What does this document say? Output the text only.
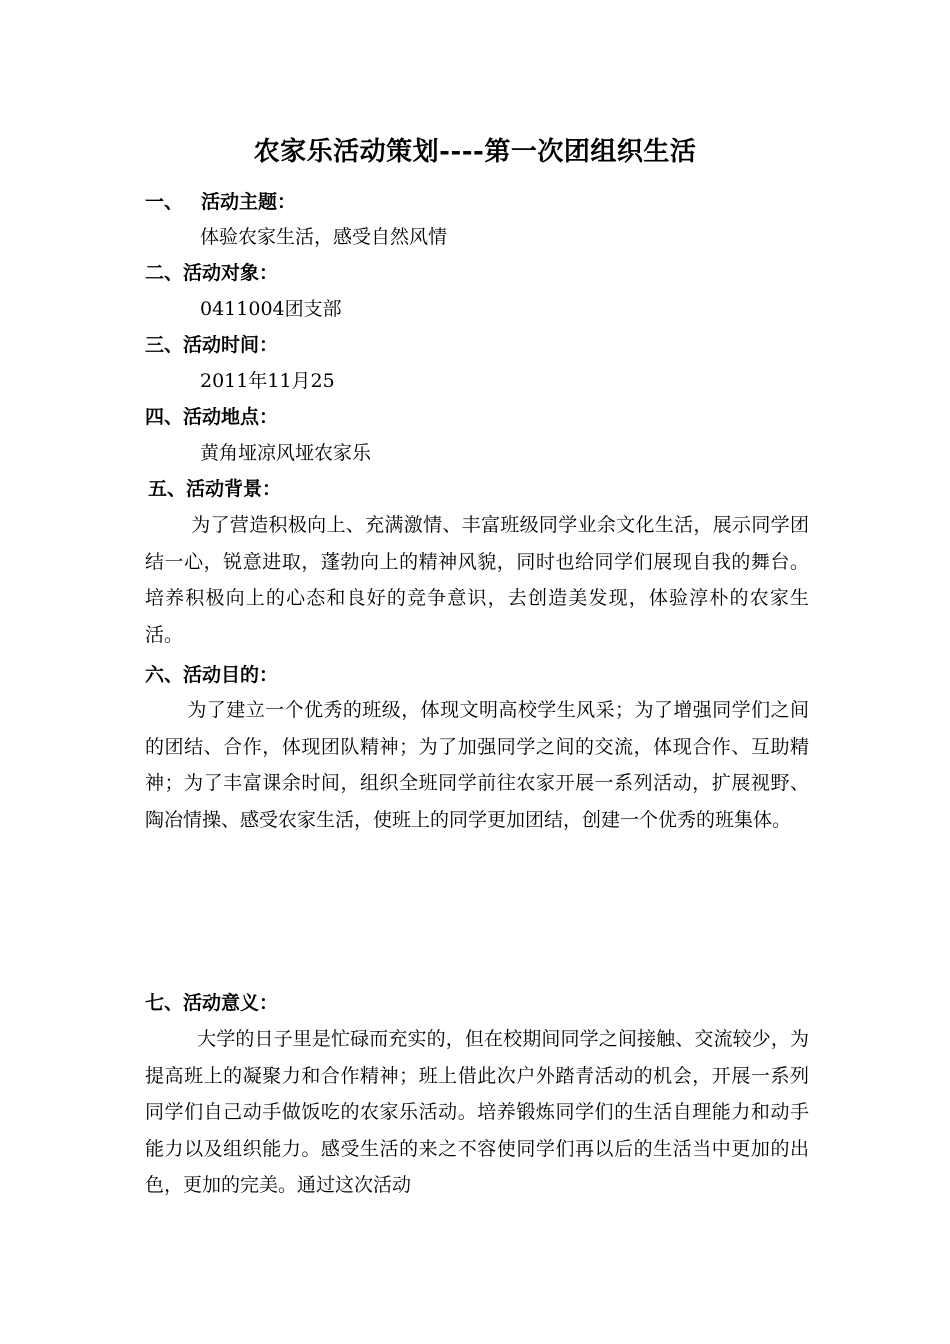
农家乐活动策划----第一次团组织生活
一、 活动主题：
体验农家生活，感受自然风情
二、活动对象：
0411004团支部
三、活动时间：
2011年11月25
四、活动地点：
黄角垭凉风垭农家乐
五、活动背景：
为了营造积极向上、充满激情、丰富班级同学业余文化生活，展示同学团结一心，锐意进取，蓬勃向上的精神风貌，同时也给同学们展现自我的舞台。培养积极向上的心态和良好的竞争意识，去创造美发现，体验淳朴的农家生活。
六、活动目的：
为了建立一个优秀的班级，体现文明高校学生风采；为了增强同学们之间的团结、合作，体现团队精神；为了加强同学之间的交流，体现合作、互助精神；为了丰富课余时间，组织全班同学前往农家开展一系列活动，扩展视野、陶冶情操、感受农家生活，使班上的同学更加团结，创建一个优秀的班集体。
七、活动意义：
大学的日子里是忙碌而充实的，但在校期间同学之间接触、交流较少，为提高班上的凝聚力和合作精神；班上借此次户外踏青活动的机会，开展一系列同学们自己动手做饭吃的农家乐活动。培养锻炼同学们的生活自理能力和动手能力以及组织能力。感受生活的来之不容使同学们再以后的生活当中更加的出色，更加的完美。通过这次活动
